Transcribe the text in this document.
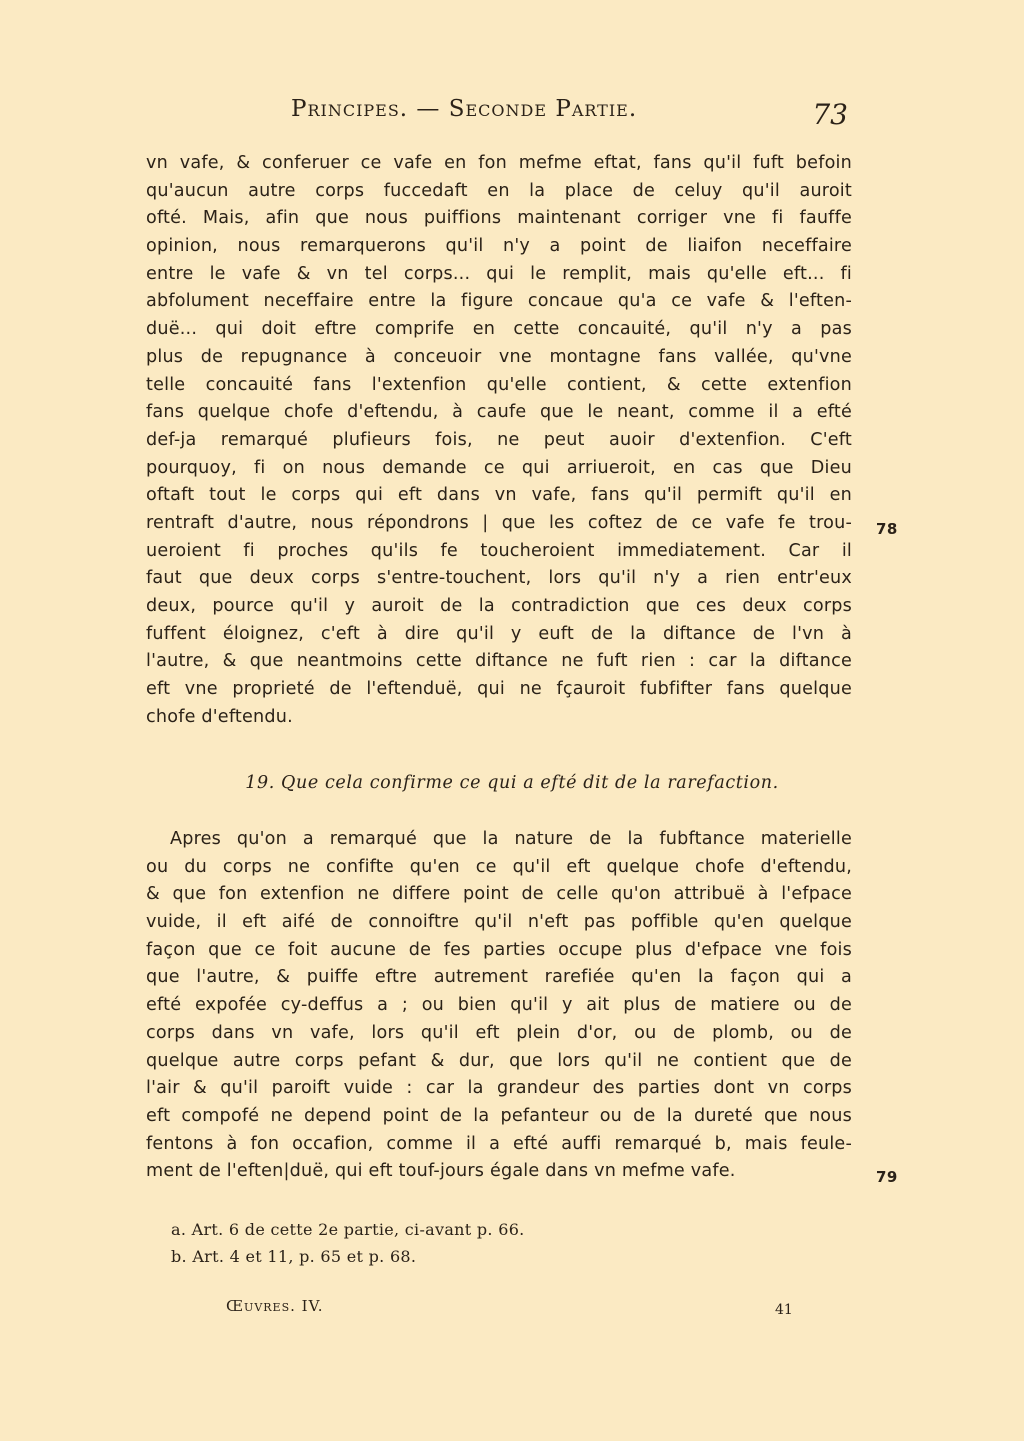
Principes. — Seconde Partie.	73
vn vafe, & conferuer ce vafe en fon mefme eftat, fans qu'il fuft befoin
qu'aucun autre corps fuccedaft en la place de celuy qu'il auroit
ofté. Mais, afin que nous puiffions maintenant corriger vne fi fauffe
opinion, nous remarquerons qu'il n'y a point de liaifon neceffaire
entre le vafe & vn tel corps... qui le remplit, mais qu'elle eft... fi
abfolument neceffaire entre la figure concaue qu'a ce vafe & l'eften-
duë... qui doit eftre comprife en cette concauité, qu'il n'y a pas
plus de repugnance à conceuoir vne montagne fans vallée, qu'vne
telle concauité fans l'extenfion qu'elle contient, & cette extenfion
fans quelque chofe d'eftendu, à caufe que le neant, comme il a efté
def-ja remarqué plufieurs fois, ne peut auoir d'extenfion. C'eft
pourquoy, fi on nous demande ce qui arriueroit, en cas que Dieu
oftaft tout le corps qui eft dans vn vafe, fans qu'il permift qu'il en
rentraft d'autre, nous répondrons | que les coftez de ce vafe fe trou-
ueroient fi proches qu'ils fe toucheroient immediatement. Car il
faut que deux corps s'entre-touchent, lors qu'il n'y a rien entr'eux
deux, pource qu'il y auroit de la contradiction que ces deux corps
fuffent éloignez, c'eft à dire qu'il y euft de la diftance de l'vn à
l'autre, & que neantmoins cette diftance ne fuft rien : car la diftance
eft vne proprieté de l'eftenduë, qui ne fçauroit fubfifter fans quelque
chofe d'eftendu.
78
19. Que cela confirme ce qui a efté dit de la rarefaction.
Apres qu'on a remarqué que la nature de la fubftance materielle
ou du corps ne confifte qu'en ce qu'il eft quelque chofe d'eftendu,
& que fon extenfion ne differe point de celle qu'on attribuë à l'efpace
vuide, il eft aifé de connoiftre qu'il n'eft pas poffible qu'en quelque
façon que ce foit aucune de fes parties occupe plus d'efpace vne fois
que l'autre, & puiffe eftre autrement rarefiée qu'en la façon qui a
efté expofée cy-deffus a ; ou bien qu'il y ait plus de matiere ou de
corps dans vn vafe, lors qu'il eft plein d'or, ou de plomb, ou de
quelque autre corps pefant & dur, que lors qu'il ne contient que de
l'air & qu'il paroift vuide : car la grandeur des parties dont vn corps
eft compofé ne depend point de la pefanteur ou de la dureté que nous
fentons à fon occafion, comme il a efté auffi remarqué b, mais feule-
ment de l'eften|duë, qui eft touf-jours égale dans vn mefme vafe.	79
a. Art. 6 de cette 2e partie, ci-avant p. 66.
b. Art. 4 et 11, p. 65 et p. 68.
Œuvres. IV.	41
